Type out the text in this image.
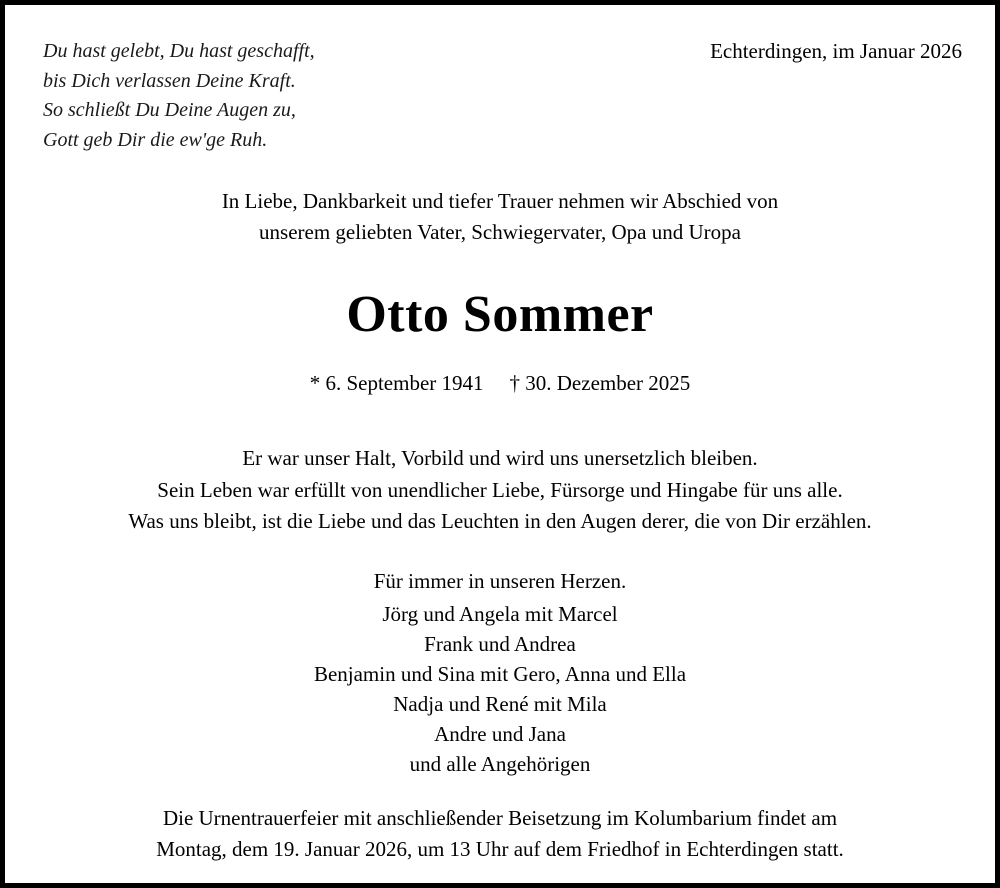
Du hast gelebt, Du hast geschafft,
bis Dich verlassen Deine Kraft.
So schließt Du Deine Augen zu,
Gott geb Dir die ew'ge Ruh.
Echterdingen, im Januar 2026
In Liebe, Dankbarkeit und tiefer Trauer nehmen wir Abschied von
unserem geliebten Vater, Schwiegervater, Opa und Uropa
Otto Sommer
* 6. September 1941 † 30. Dezember 2025
Er war unser Halt, Vorbild und wird uns unersetzlich bleiben.
Sein Leben war erfüllt von unendlicher Liebe, Fürsorge und Hingabe für uns alle.
Was uns bleibt, ist die Liebe und das Leuchten in den Augen derer, die von Dir erzählen.
Für immer in unseren Herzen.
Jörg und Angela mit Marcel
Frank und Andrea
Benjamin und Sina mit Gero, Anna und Ella
Nadja und René mit Mila
Andre und Jana
und alle Angehörigen
Die Urnentrauerfeier mit anschließender Beisetzung im Kolumbarium findet am
Montag, dem 19. Januar 2026, um 13 Uhr auf dem Friedhof in Echterdingen statt.
